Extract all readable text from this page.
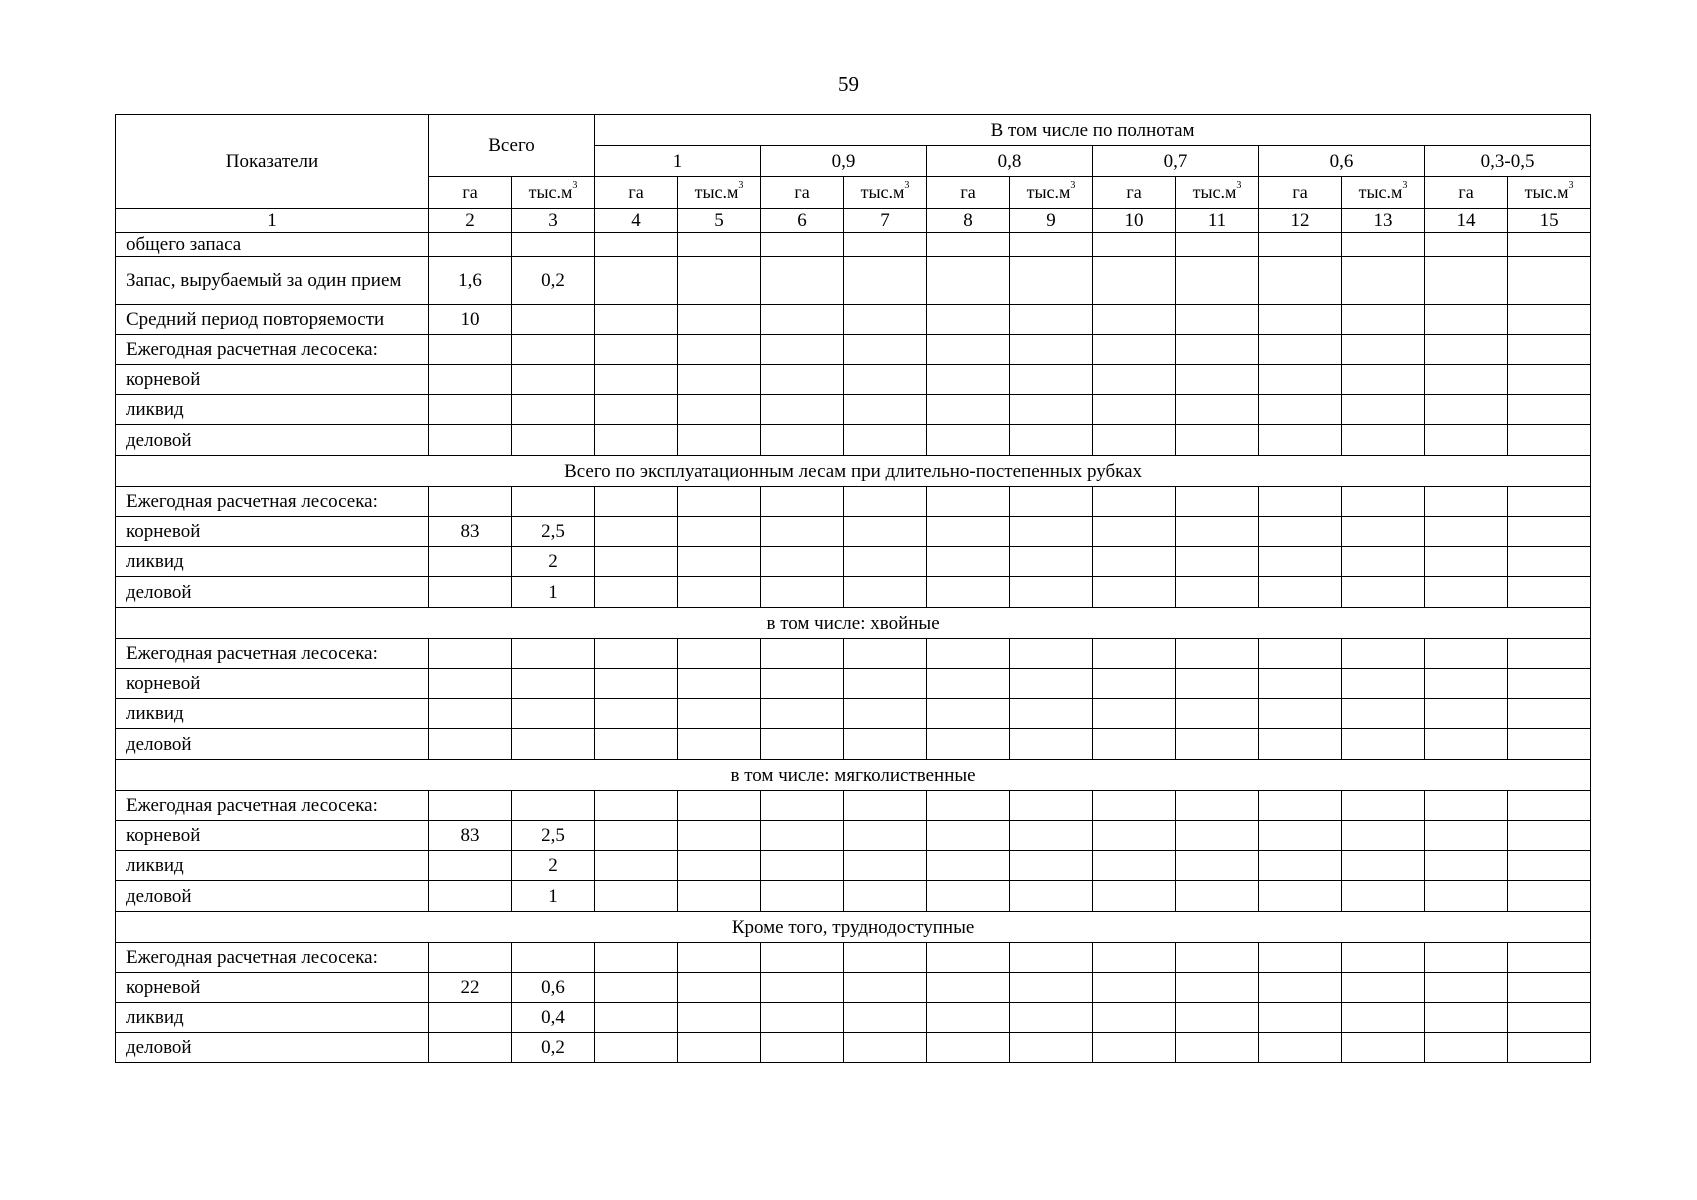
59
Показатели	Всего		В том числе по полнотам											
			1		0,9		0,8		0,7		0,6		0,3-0,5	
	га	$тыс.м^3$	га	$тыс.м^3$	га	$тыс.м^3$	га	$тыс.м^3$	га	$тыс.м^3$	га	$тыс.м^3$	га	$тыс.м^3$
1	2	3	4	5	6	7	8	9	10	11	12	13	14	15
общего запаса														
Запас, вырубаемый за один прием	1,6	0,2												
Средний период повторяемости	10													
Ежегодная расчетная лесосека:														
корневой														
ликвид														
деловой														
Всего по эксплуатационным лесам при длительно-постепенных рубках														
Ежегодная расчетная лесосека:														
корневой	83	2,5												
ликвид		2												
деловой		1												
в том числе: хвойные														
Ежегодная расчетная лесосека:														
корневой														
ликвид														
деловой														
в том числе: мягколиственные														
Ежегодная расчетная лесосека:														
корневой	83	2,5												
ликвид		2												
деловой		1												
Кроме того, труднодоступные														
Ежегодная расчетная лесосека:														
корневой	22	0,6												
ликвид		0,4												
деловой		0,2												
